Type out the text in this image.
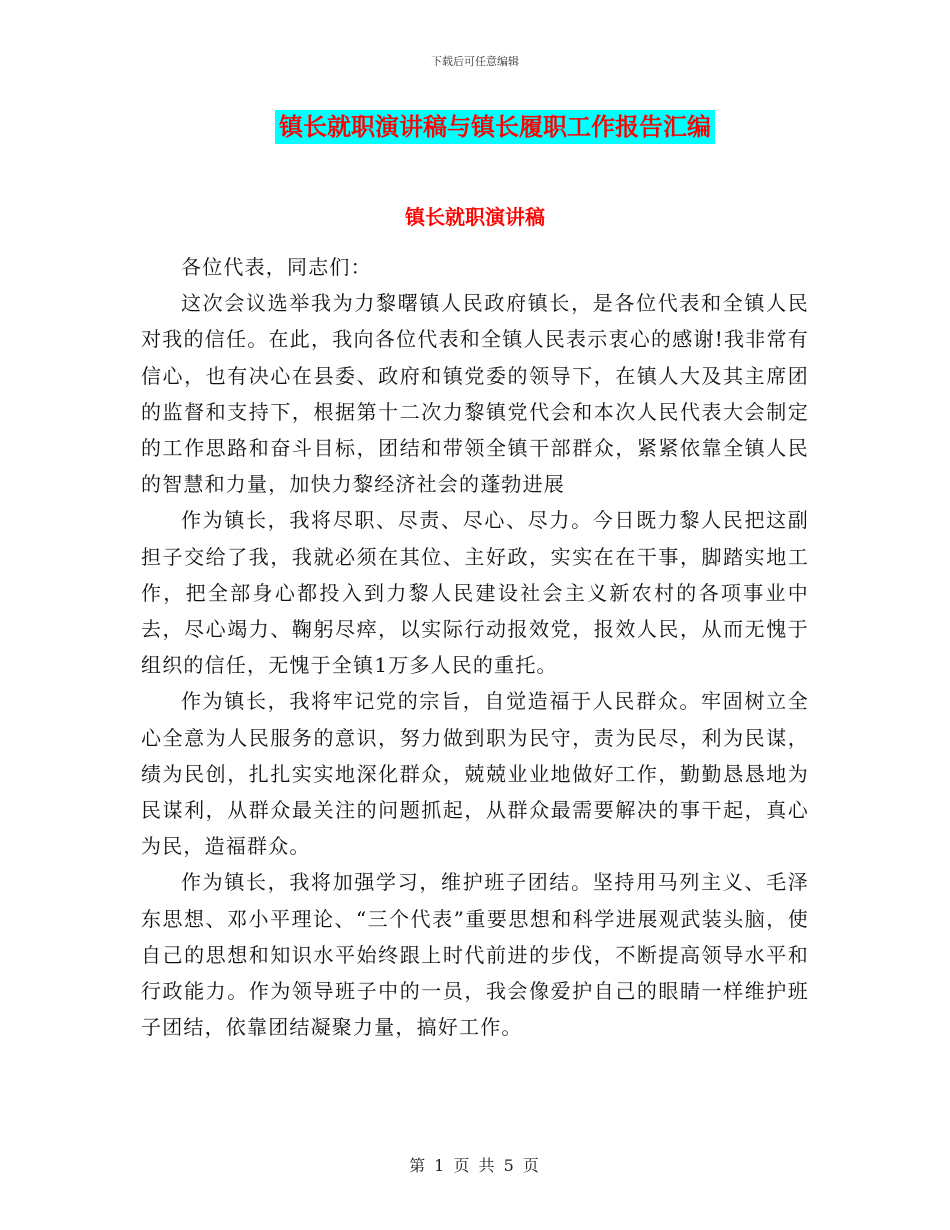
下载后可任意编辑
镇长就职演讲稿与镇长履职工作报告汇编
镇长就职演讲稿

各位代表，同志们：

这次会议选举我为力黎曙镇人民政府镇长，是各位代表和全镇人民对我的信任。在此，我向各位代表和全镇人民表示衷心的感谢!我非常有信心，也有决心在县委、政府和镇党委的领导下，在镇人大及其主席团的监督和支持下，根据第十二次力黎镇党代会和本次人民代表大会制定的工作思路和奋斗目标，团结和带领全镇干部群众，紧紧依靠全镇人民的智慧和力量，加快力黎经济社会的蓬勃进展

作为镇长，我将尽职、尽责、尽心、尽力。今日既力黎人民把这副担子交给了我，我就必须在其位、主好政，实实在在干事，脚踏实地工作，把全部身心都投入到力黎人民建设社会主义新农村的各项事业中去，尽心竭力、鞠躬尽瘁，以实际行动报效党，报效人民，从而无愧于组织的信任，无愧于全镇1万多人民的重托。

作为镇长，我将牢记党的宗旨，自觉造福于人民群众。牢固树立全心全意为人民服务的意识，努力做到职为民守，责为民尽，利为民谋，绩为民创，扎扎实实地深化群众，兢兢业业地做好工作，勤勤恳恳地为民谋利，从群众最关注的问题抓起，从群众最需要解决的事干起，真心为民，造福群众。

作为镇长，我将加强学习，维护班子团结。坚持用马列主义、毛泽东思想、邓小平理论、“三个代表”重要思想和科学进展观武装头脑，使自己的思想和知识水平始终跟上时代前进的步伐，不断提高领导水平和行政能力。作为领导班子中的一员，我会像爱护自己的眼睛一样维护班子团结，依靠团结凝聚力量，搞好工作。

第 1 页 共 5 页
